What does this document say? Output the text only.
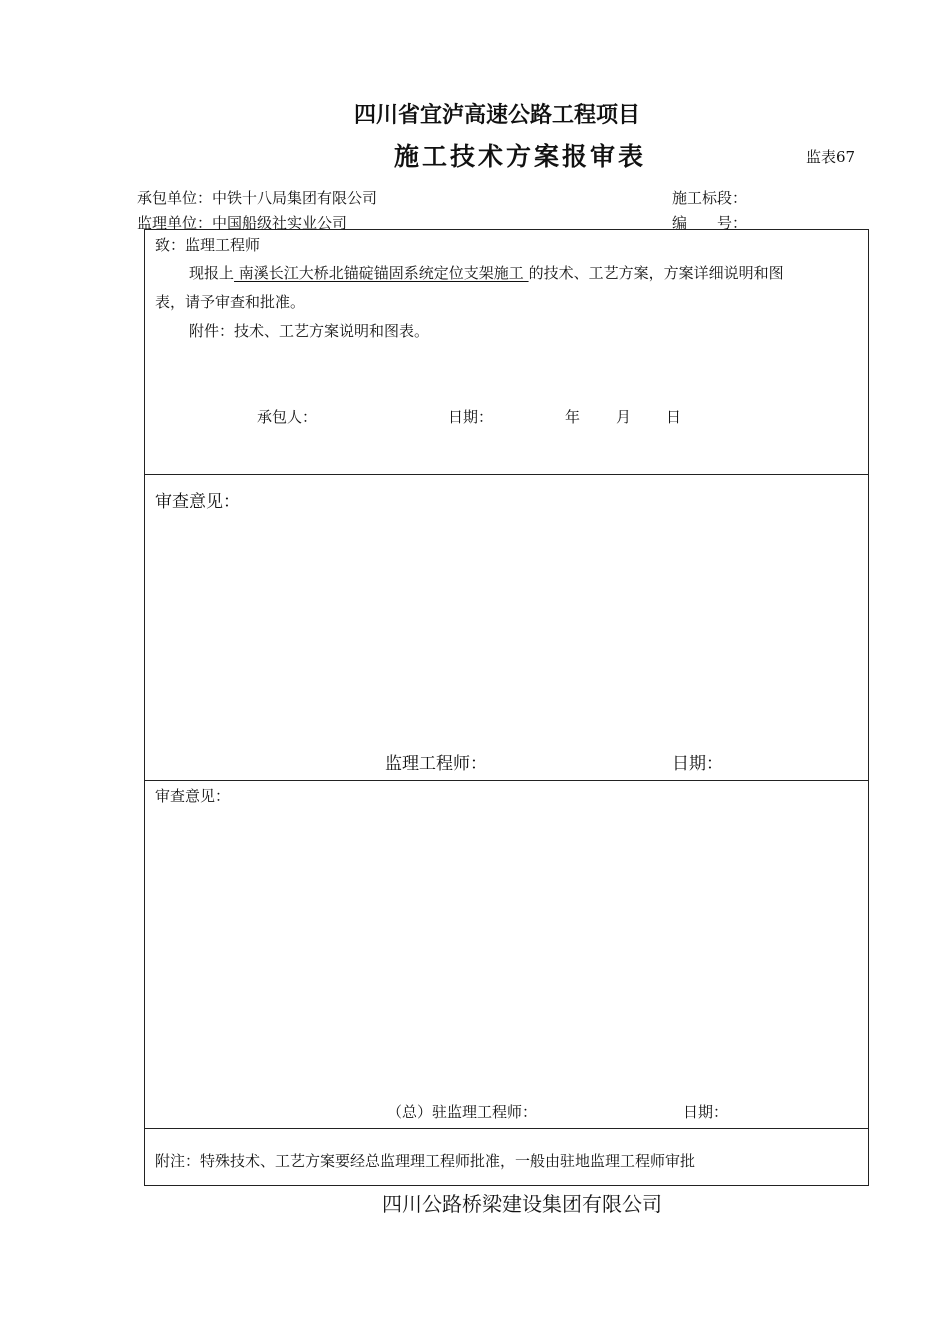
四川省宜泸高速公路工程项目
施工技术方案报审表	监表67
承包单位：中铁十八局集团有限公司	施工标段：
监理单位：中国船级社实业公司	编　　号：
致：监理工程师
现报上 南溪长江大桥北锚碇锚固系统定位支架施工 的技术、工艺方案，方案详细说明和图
表，请予审查和批准。
附件：技术、工艺方案说明和图表。
承包人：	日期：	年 月 日
审查意见：
监理工程师：	日期：
审查意见：
（总）驻监理工程师：	日期：
附注：特殊技术、工艺方案要经总监理理工程师批准，一般由驻地监理工程师审批
四川公路桥梁建设集团有限公司
